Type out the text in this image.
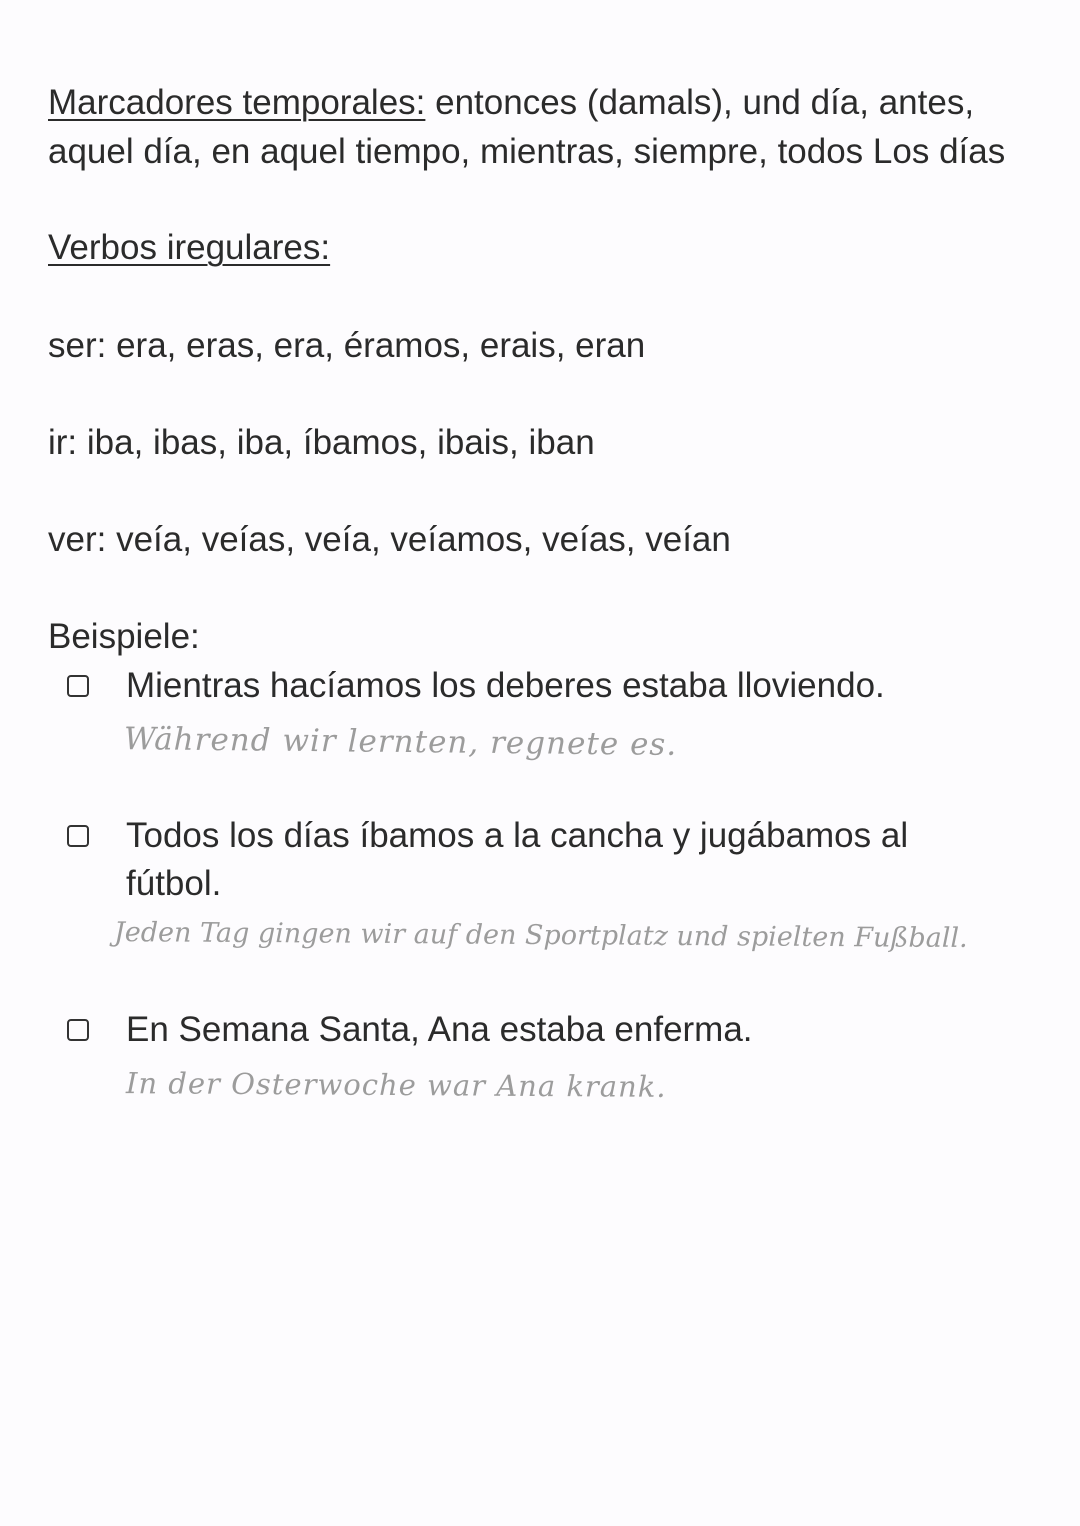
Marcadores temporales: entonces (damals), und día, antes,
aquel día, en aquel tiempo, mientras, siempre, todos Los días
Verbos iregulares:
ser: era, eras, era, éramos, erais, eran
ir: iba, ibas, iba, íbamos, ibais, iban
ver: veía, veías, veía, veíamos, veías, veían
Beispiele:
Mientras hacíamos los deberes estaba lloviendo.
Während wir lernten, regnete es.
Todos los días íbamos a la cancha y jugábamos al
fútbol.
Jeden Tag gingen wir auf den Sportplatz und spielten Fußball.
En Semana Santa, Ana estaba enferma.
In der Osterwoche war Ana krank.
